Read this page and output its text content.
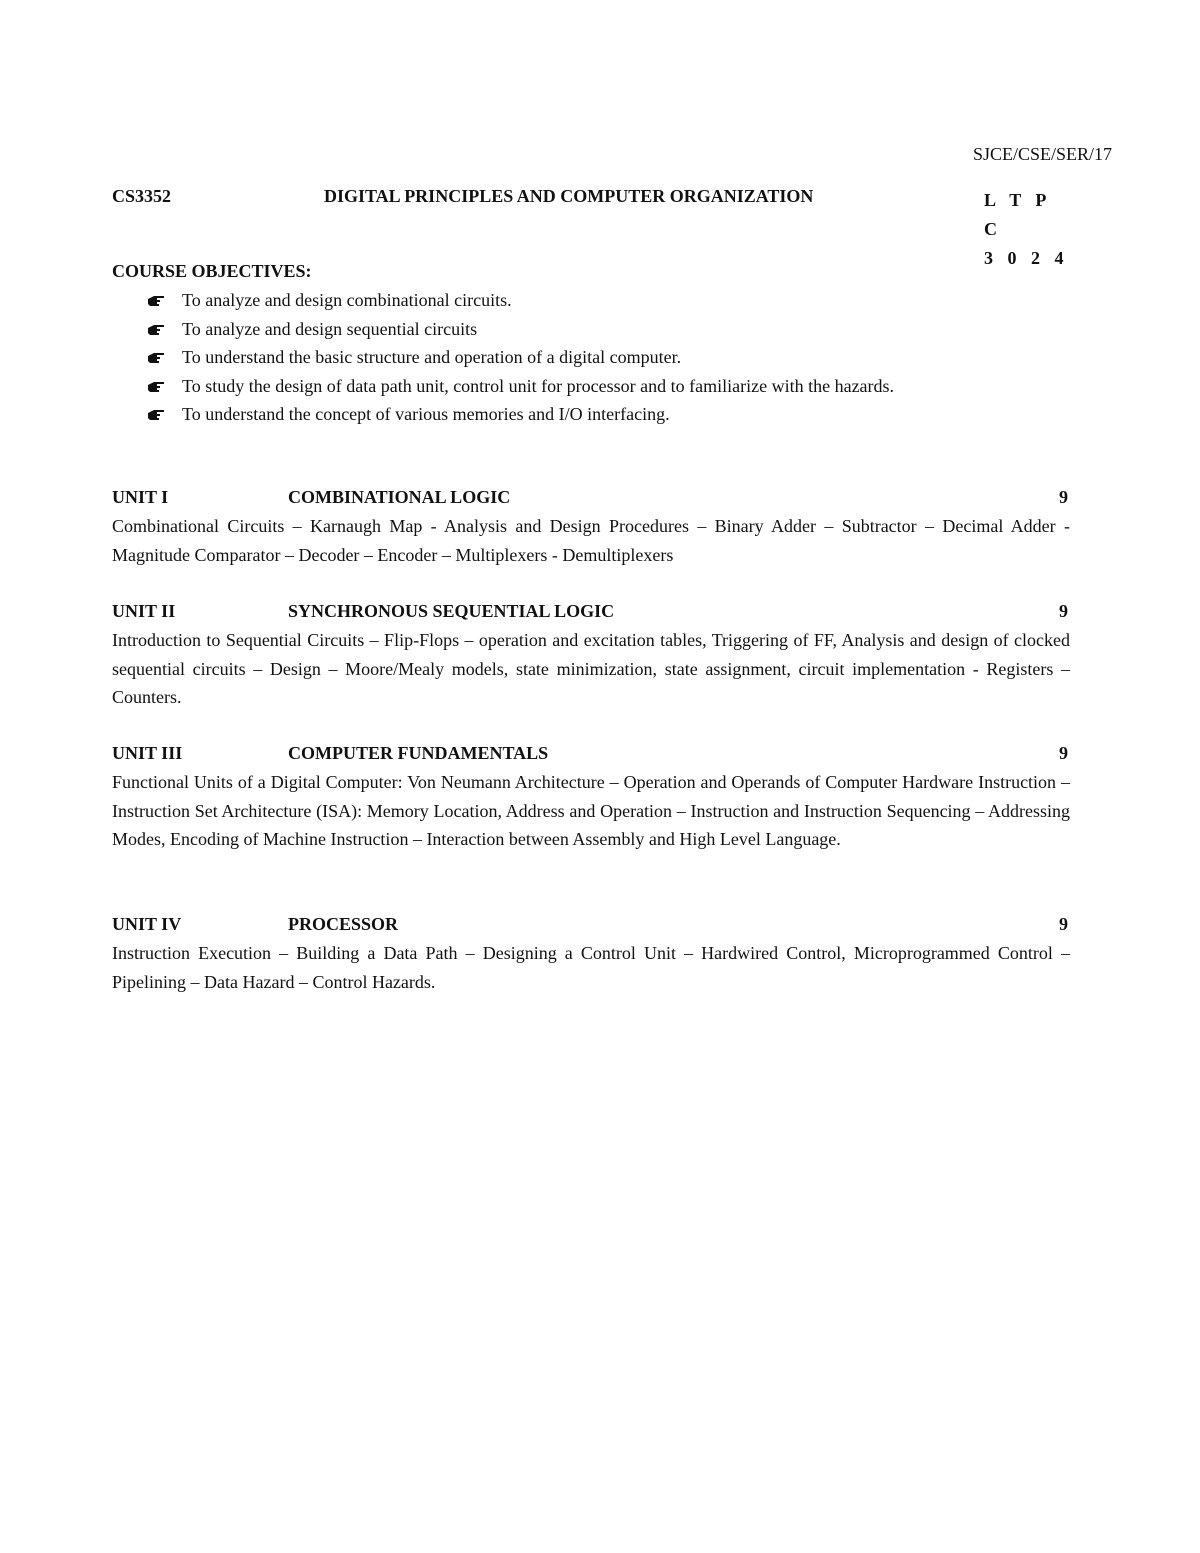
SJCE/CSE/SER/17
CS3352	DIGITAL PRINCIPLES AND COMPUTER ORGANIZATION	L T P C
3 0 2 4
COURSE OBJECTIVES:
To analyze and design combinational circuits.
To analyze and design sequential circuits
To understand the basic structure and operation of a digital computer.
To study the design of data path unit, control unit for processor and to familiarize with the hazards.
To understand the concept of various memories and I/O interfacing.
UNIT I	COMBINATIONAL LOGIC	9

Combinational Circuits – Karnaugh Map - Analysis and Design Procedures – Binary Adder – Subtractor – Decimal Adder - Magnitude Comparator – Decoder – Encoder – Multiplexers - Demultiplexers

UNIT II	SYNCHRONOUS SEQUENTIAL LOGIC	9

Introduction to Sequential Circuits – Flip-Flops – operation and excitation tables, Triggering of FF, Analysis and design of clocked sequential circuits – Design – Moore/Mealy models, state minimization, state assignment, circuit implementation - Registers – Counters.

UNIT III	COMPUTER FUNDAMENTALS	9

Functional Units of a Digital Computer: Von Neumann Architecture – Operation and Operands of Computer Hardware Instruction – Instruction Set Architecture (ISA): Memory Location, Address and Operation – Instruction and Instruction Sequencing – Addressing Modes, Encoding of Machine Instruction – Interaction between Assembly and High Level Language.

UNIT IV	PROCESSOR	9

Instruction Execution – Building a Data Path – Designing a Control Unit – Hardwired Control, Microprogrammed Control – Pipelining – Data Hazard – Control Hazards.
